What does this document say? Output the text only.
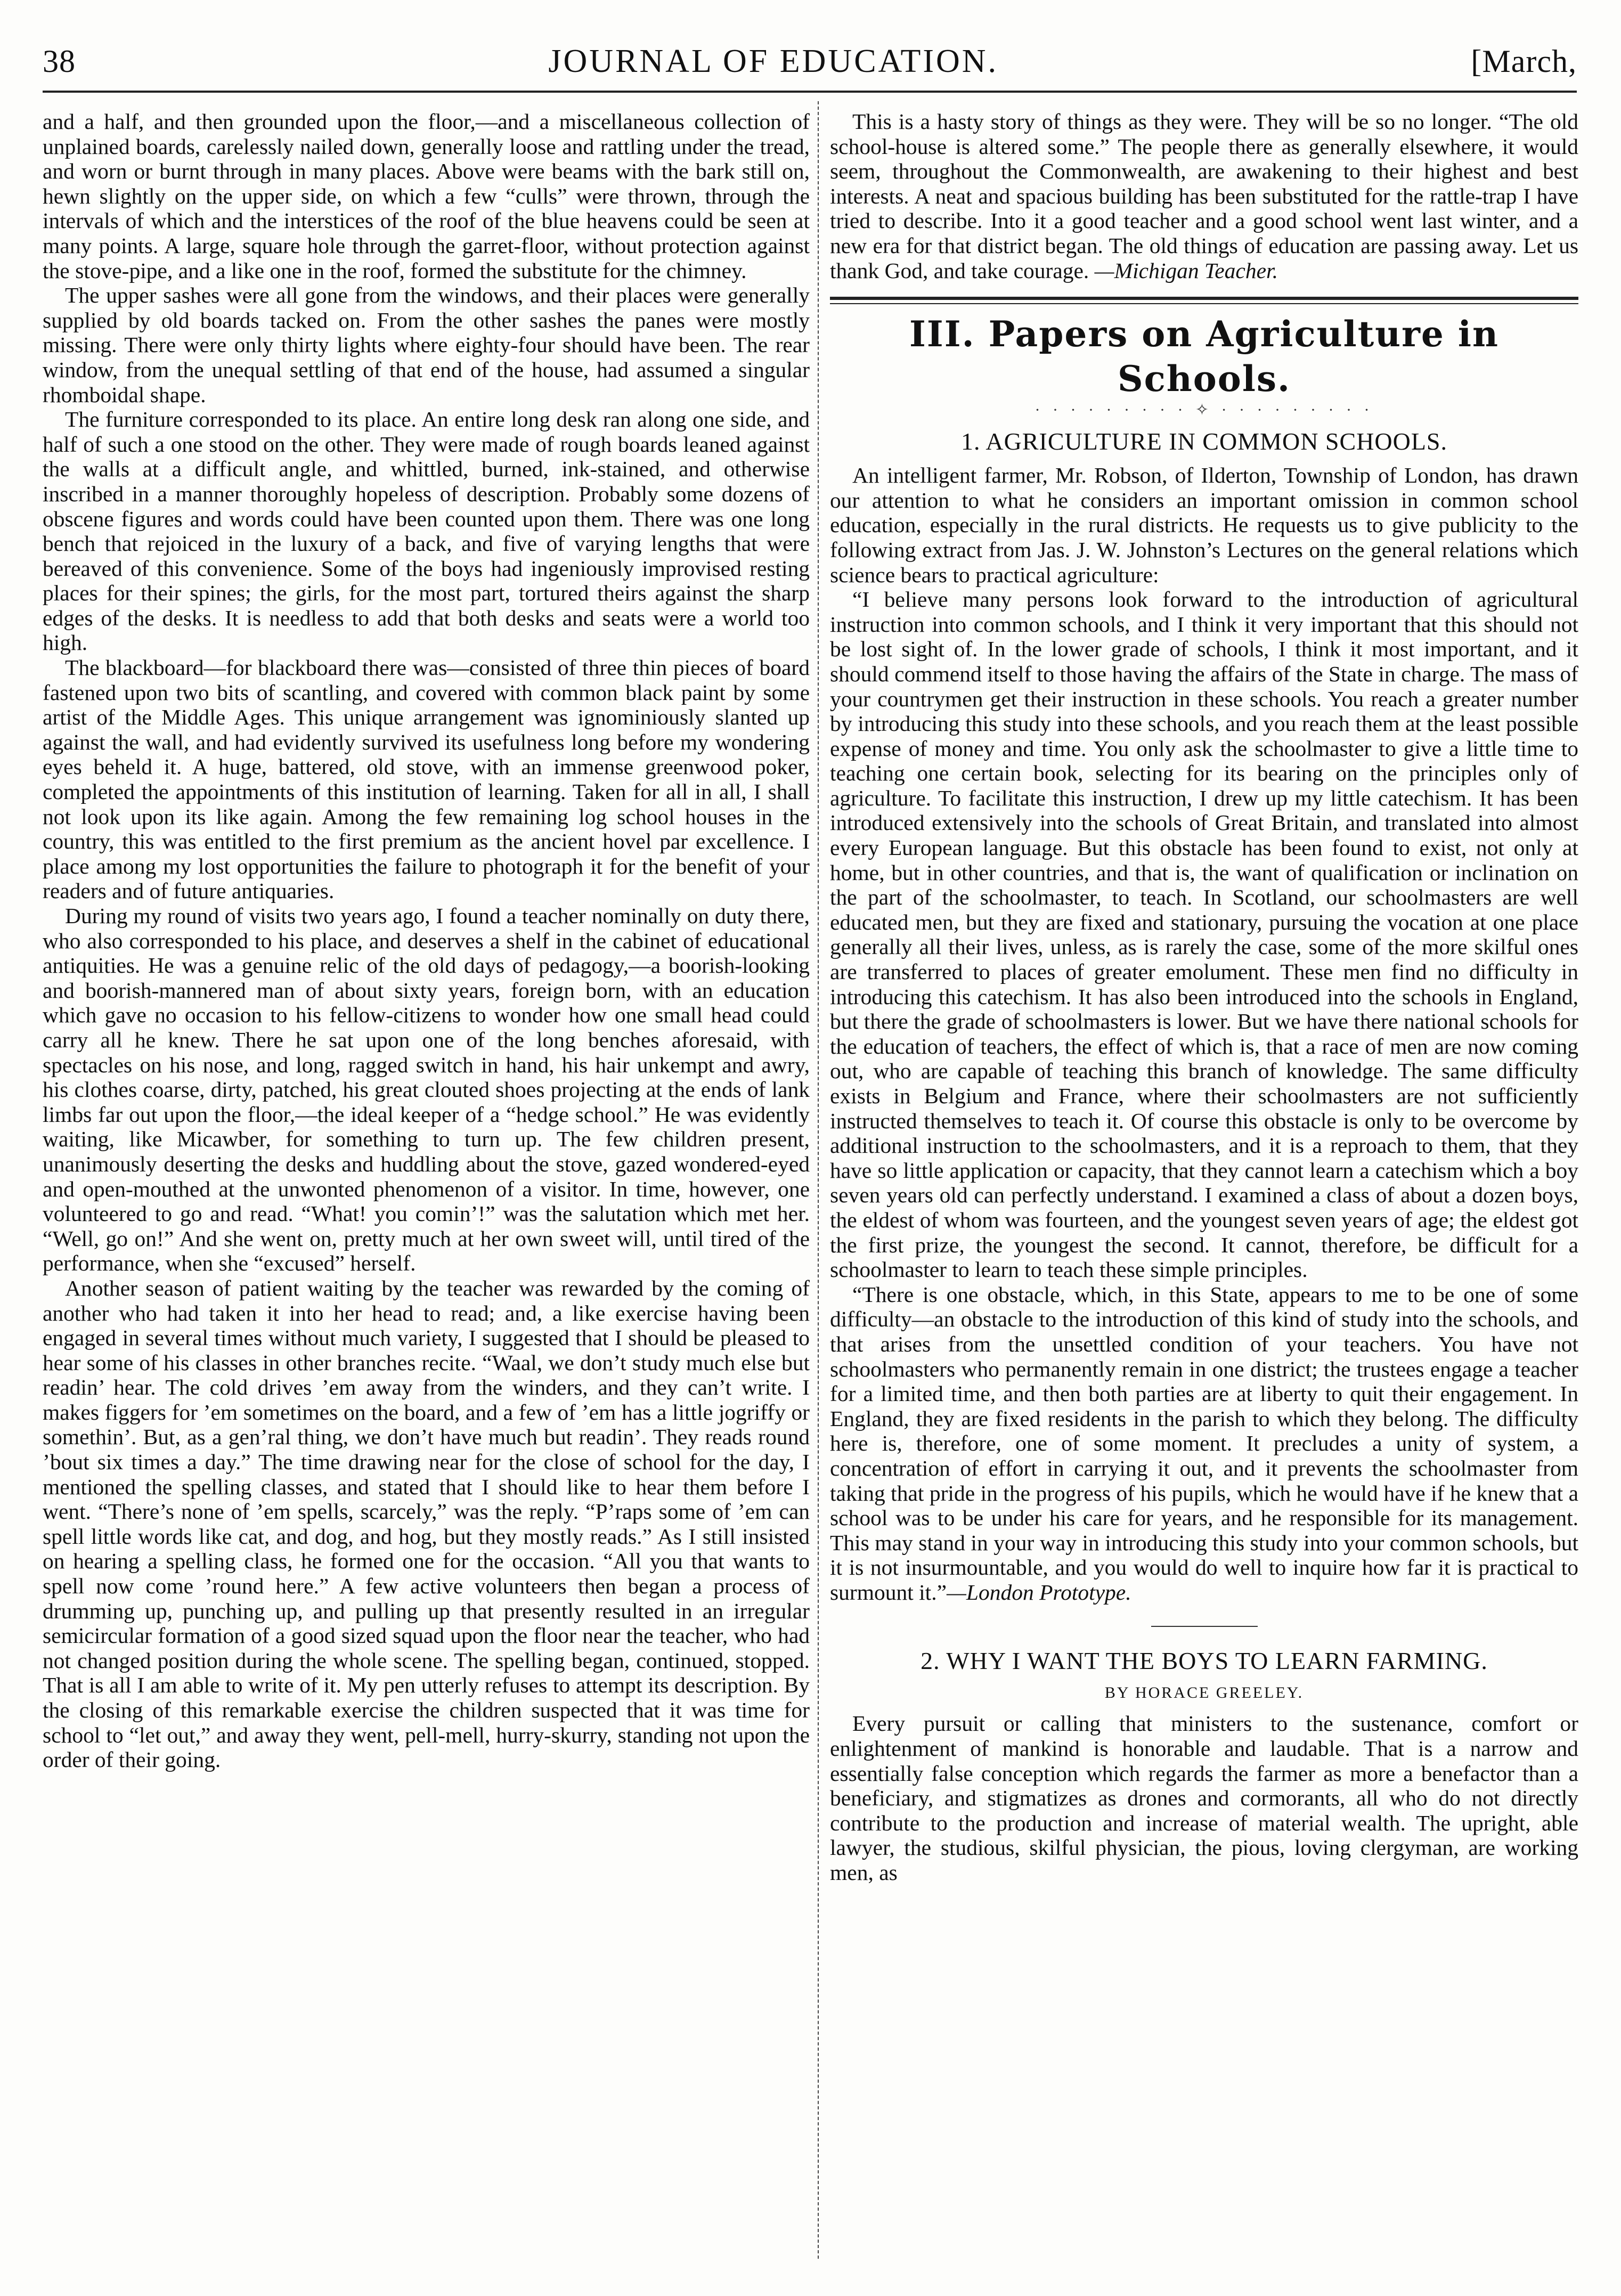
38	JOURNAL OF EDUCATION.	[March,

and a half, and then grounded upon the floor,—and a miscellaneous collection of unplained boards, carelessly nailed down, generally loose and rattling under the tread, and worn or burnt through in many places. Above were beams with the bark still on, hewn slightly on the upper side, on which a few “culls” were thrown, through the intervals of which and the interstices of the roof of the blue heavens could be seen at many points. A large, square hole through the garret-floor, without protection against the stove-pipe, and a like one in the roof, formed the substitute for the chimney.

The upper sashes were all gone from the windows, and their places were generally supplied by old boards tacked on. From the other sashes the panes were mostly missing. There were only thirty lights where eighty-four should have been. The rear window, from the unequal settling of that end of the house, had assumed a singular rhomboidal shape.

The furniture corresponded to its place. An entire long desk ran along one side, and half of such a one stood on the other. They were made of rough boards leaned against the walls at a difficult angle, and whittled, burned, ink-stained, and otherwise inscribed in a manner thoroughly hopeless of description. Probably some dozens of obscene figures and words could have been counted upon them. There was one long bench that rejoiced in the luxury of a back, and five of varying lengths that were bereaved of this convenience. Some of the boys had ingeniously improvised resting places for their spines; the girls, for the most part, tortured theirs against the sharp edges of the desks. It is needless to add that both desks and seats were a world too high.

The blackboard—for blackboard there was—consisted of three thin pieces of board fastened upon two bits of scantling, and covered with common black paint by some artist of the Middle Ages. This unique arrangement was ignominiously slanted up against the wall, and had evidently survived its usefulness long before my wondering eyes beheld it. A huge, battered, old stove, with an immense greenwood poker, completed the appointments of this institution of learning. Taken for all in all, I shall not look upon its like again. Among the few remaining log school houses in the country, this was entitled to the first premium as the ancient hovel par excellence. I place among my lost opportunities the failure to photograph it for the benefit of your readers and of future antiquaries.

During my round of visits two years ago, I found a teacher nominally on duty there, who also corresponded to his place, and deserves a shelf in the cabinet of educational antiquities. He was a genuine relic of the old days of pedagogy,—a boorish-looking and boorish-mannered man of about sixty years, foreign born, with an education which gave no occasion to his fellow-citizens to wonder how one small head could carry all he knew. There he sat upon one of the long benches aforesaid, with spectacles on his nose, and long, ragged switch in hand, his hair unkempt and awry, his clothes coarse, dirty, patched, his great clouted shoes projecting at the ends of lank limbs far out upon the floor,—the ideal keeper of a “hedge school.” He was evidently waiting, like Micawber, for something to turn up. The few children present, unanimously deserting the desks and huddling about the stove, gazed wondered-eyed and open-mouthed at the unwonted phenomenon of a visitor. In time, however, one volunteered to go and read. “What! you comin’!” was the salutation which met her. “Well, go on!” And she went on, pretty much at her own sweet will, until tired of the performance, when she “excused” herself.

Another season of patient waiting by the teacher was rewarded by the coming of another who had taken it into her head to read; and, a like exercise having been engaged in several times without much variety, I suggested that I should be pleased to hear some of his classes in other branches recite. “Waal, we don’t study much else but readin’ hear. The cold drives ’em away from the winders, and they can’t write. I makes figgers for ’em sometimes on the board, and a few of ’em has a little jogriffy or somethin’. But, as a gen’ral thing, we don’t have much but readin’. They reads round ’bout six times a day.” The time drawing near for the close of school for the day, I mentioned the spelling classes, and stated that I should like to hear them before I went. “There’s none of ’em spells, scarcely,” was the reply. “P’raps some of ’em can spell little words like cat, and dog, and hog, but they mostly reads.” As I still insisted on hearing a spelling class, he formed one for the occasion. “All you that wants to spell now come ’round here.” A few active volunteers then began a process of drumming up, punching up, and pulling up that presently resulted in an irregular semicircular formation of a good sized squad upon the floor near the teacher, who had not changed position during the whole scene. The spelling began, continued, stopped. That is all I am able to write of it. My pen utterly refuses to attempt its description. By the closing of this remarkable exercise the children suspected that it was time for school to “let out,” and away they went, pell-mell, hurry-skurry, standing not upon the order of their going.

This is a hasty story of things as they were. They will be so no longer. “The old school-house is altered some.” The people there as generally elsewhere, it would seem, throughout the Commonwealth, are awakening to their highest and best interests. A neat and spacious building has been substituted for the rattle-trap I have tried to describe. Into it a good teacher and a good school went last winter, and a new era for that district began. The old things of education are passing away. Let us thank God, and take courage. —Michigan Teacher.

III. Papers on Agriculture in Schools.
· · · · · · · · · ✧ · · · · · · · · ·
1. AGRICULTURE IN COMMON SCHOOLS.

An intelligent farmer, Mr. Robson, of Ilderton, Township of London, has drawn our attention to what he considers an important omission in common school education, especially in the rural districts. He requests us to give publicity to the following extract from Jas. J. W. Johnston’s Lectures on the general relations which science bears to practical agriculture:

“I believe many persons look forward to the introduction of agricultural instruction into common schools, and I think it very important that this should not be lost sight of. In the lower grade of schools, I think it most important, and it should commend itself to those having the affairs of the State in charge. The mass of your countrymen get their instruction in these schools. You reach a greater number by introducing this study into these schools, and you reach them at the least possible expense of money and time. You only ask the schoolmaster to give a little time to teaching one certain book, selecting for its bearing on the principles only of agriculture. To facilitate this instruction, I drew up my little catechism. It has been introduced extensively into the schools of Great Britain, and translated into almost every European language. But this obstacle has been found to exist, not only at home, but in other countries, and that is, the want of qualification or inclination on the part of the schoolmaster, to teach. In Scotland, our schoolmasters are well educated men, but they are fixed and stationary, pursuing the vocation at one place generally all their lives, unless, as is rarely the case, some of the more skilful ones are transferred to places of greater emolument. These men find no difficulty in introducing this catechism. It has also been introduced into the schools in England, but there the grade of schoolmasters is lower. But we have there national schools for the education of teachers, the effect of which is, that a race of men are now coming out, who are capable of teaching this branch of knowledge. The same difficulty exists in Belgium and France, where their schoolmasters are not sufficiently instructed themselves to teach it. Of course this obstacle is only to be overcome by additional instruction to the schoolmasters, and it is a reproach to them, that they have so little application or capacity, that they cannot learn a catechism which a boy seven years old can perfectly understand. I examined a class of about a dozen boys, the eldest of whom was fourteen, and the youngest seven years of age; the eldest got the first prize, the youngest the second. It cannot, therefore, be difficult for a schoolmaster to learn to teach these simple principles.

“There is one obstacle, which, in this State, appears to me to be one of some difficulty—an obstacle to the introduction of this kind of study into the schools, and that arises from the unsettled condition of your teachers. You have not schoolmasters who permanently remain in one district; the trustees engage a teacher for a limited time, and then both parties are at liberty to quit their engagement. In England, they are fixed residents in the parish to which they belong. The difficulty here is, therefore, one of some moment. It precludes a unity of system, a concentration of effort in carrying it out, and it prevents the schoolmaster from taking that pride in the progress of his pupils, which he would have if he knew that a school was to be under his care for years, and he responsible for its management. This may stand in your way in introducing this study into your common schools, but it is not insurmountable, and you would do well to inquire how far it is practical to surmount it.”—London Prototype.

2. WHY I WANT THE BOYS TO LEARN FARMING.
BY HORACE GREELEY.

Every pursuit or calling that ministers to the sustenance, comfort or enlightenment of mankind is honorable and laudable. That is a narrow and essentially false conception which regards the farmer as more a benefactor than a beneficiary, and stigmatizes as drones and cormorants, all who do not directly contribute to the production and increase of material wealth. The upright, able lawyer, the studious, skilful physician, the pious, loving clergyman, are working men, as
